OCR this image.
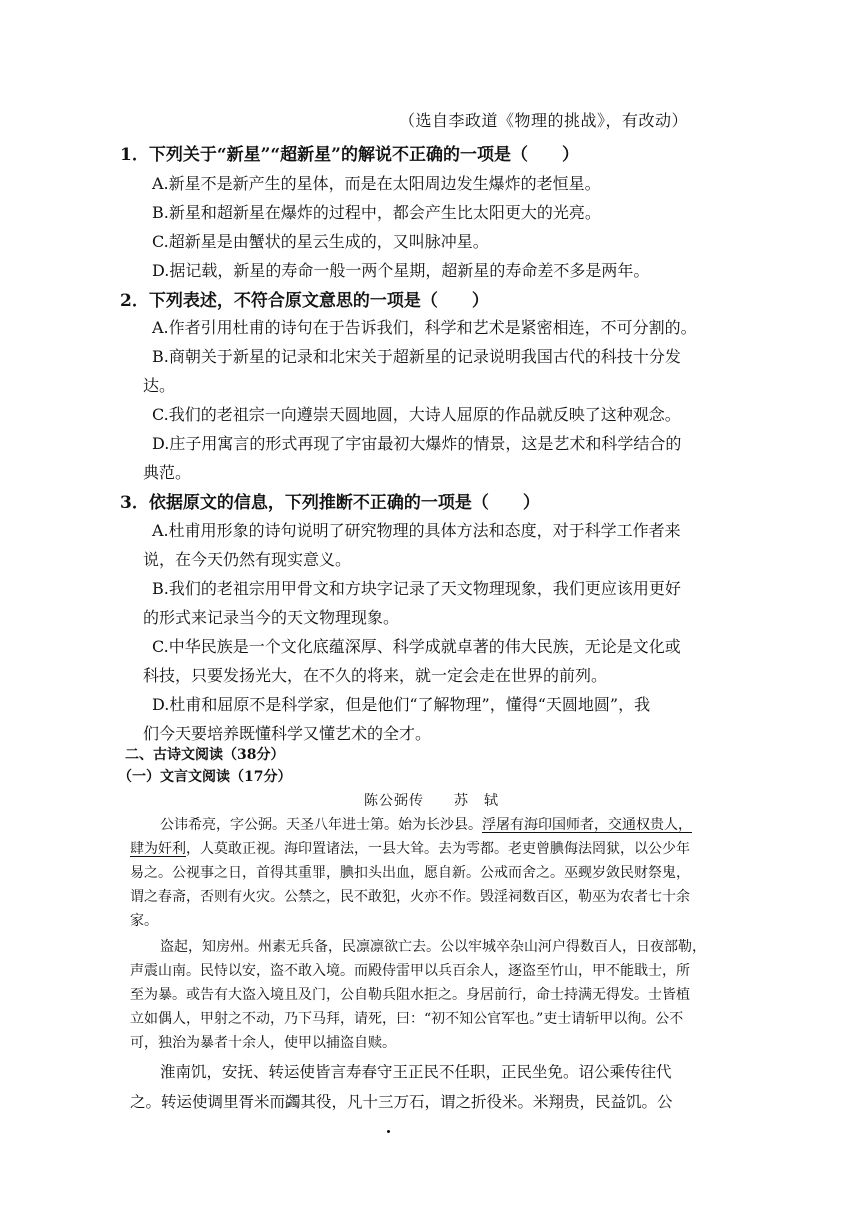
（选自李政道《物理的挑战》，有改动）
1．下列关于“新星”“超新星”的解说不正确的一项是（　　）
A.新星不是新产生的星体，而是在太阳周边发生爆炸的老恒星。
B.新星和超新星在爆炸的过程中，都会产生比太阳更大的光亮。
C.超新星是由蟹状的星云生成的，又叫脉冲星。
D.据记载，新星的寿命一般一两个星期，超新星的寿命差不多是两年。
2．下列表述，不符合原文意思的一项是（　　）
A.作者引用杜甫的诗句在于告诉我们，科学和艺术是紧密相连，不可分割的。
B.商朝关于新星的记录和北宋关于超新星的记录说明我国古代的科技十分发
达。
C.我们的老祖宗一向遵崇天圆地圆，大诗人屈原的作品就反映了这种观念。
D.庄子用寓言的形式再现了宇宙最初大爆炸的情景，这是艺术和科学结合的
典范。
3．依据原文的信息，下列推断不正确的一项是（　　）
A.杜甫用形象的诗句说明了研究物理的具体方法和态度，对于科学工作者来
说，在今天仍然有现实意义。
B.我们的老祖宗用甲骨文和方块字记录了天文物理现象，我们更应该用更好
的形式来记录当今的天文物理现象。
C.中华民族是一个文化底蕴深厚、科学成就卓著的伟大民族，无论是文化或
科技，只要发扬光大，在不久的将来，就一定会走在世界的前列。
D.杜甫和屈原不是科学家，但是他们“了解物理”，懂得“天圆地圆”，我
们今天要培养既懂科学又懂艺术的全才。
二、古诗文阅读（38分）
（一）文言文阅读（17分）
陈公弼传　　苏　轼
公讳希亮，字公弼。天圣八年进士第。始为长沙县。浮屠有海印国师者，交通权贵人，
肆为奸利，人莫敢正视。海印置诸法，一县大耸。去为雩都。老吏曾腆侮法罔狱，以公少年
易之。公视事之日，首得其重罪，腆扣头出血，愿自新。公戒而舍之。巫觋岁敛民财祭鬼，
谓之春斋，否则有火灾。公禁之，民不敢犯，火亦不作。毁淫祠数百区，勒巫为农者七十余
家。
盗起，知房州。州素无兵备，民凛凛欲亡去。公以牢城卒杂山河户得数百人，日夜部勒，
声震山南。民恃以安，盗不敢入境。而殿侍雷甲以兵百余人，逐盗至竹山，甲不能戢士，所
至为暴。或告有大盗入境且及门，公自勒兵阻水拒之。身居前行，命士持满无得发。士皆植
立如偶人，甲射之不动，乃下马拜，请死，曰：“初不知公官军也。”吏士请斩甲以徇。公不
可，独治为暴者十余人，使甲以捕盗自赎。
淮南饥，安抚、转运使皆言寿春守王正民不任职，正民坐免。诏公乘传往代
之。转运使调里胥米而蠲其役，凡十三万石，谓之折役米。米翔贵，民益饥。公
